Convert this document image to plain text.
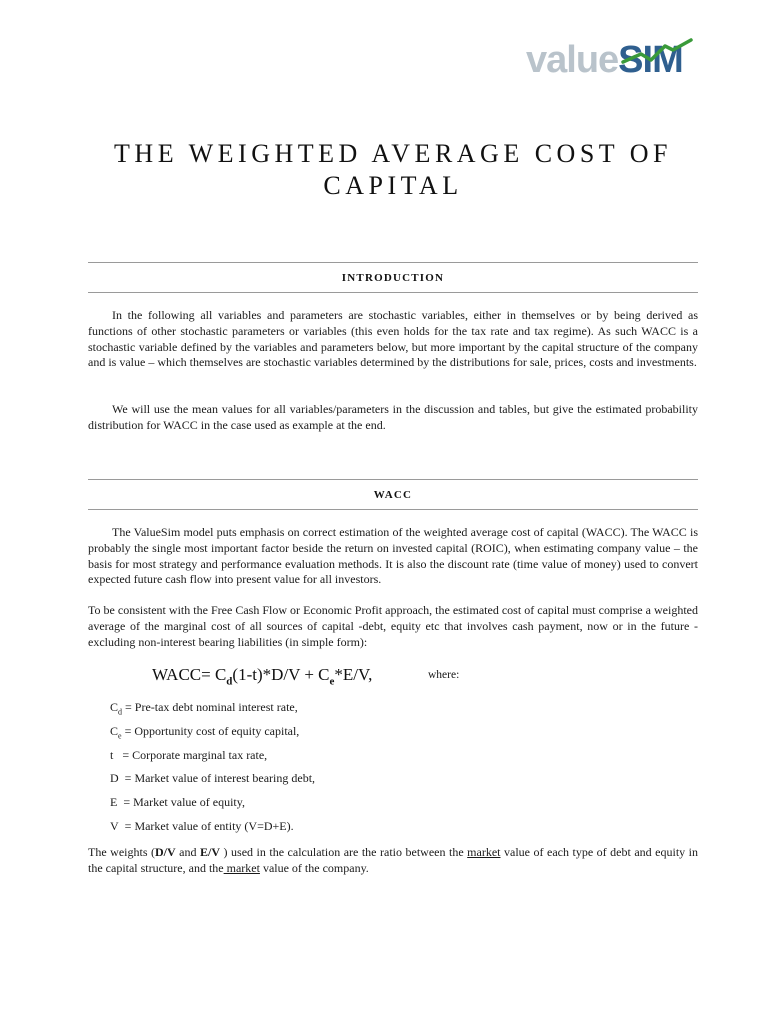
valueSIM
THE WEIGHTED AVERAGE COST OF CAPITAL
INTRODUCTION

In the following all variables and parameters are stochastic variables, either in themselves or by being derived as functions of other stochastic parameters or variables (this even holds for the tax rate and tax regime). As such WACC is a stochastic variable defined by the variables and parameters below, but more important by the capital structure of the company and is value – which themselves are stochastic variables determined by the distributions for sale, prices, costs and investments.

We will use the mean values for all variables/parameters in the discussion and tables, but give the estimated probability distribution for WACC in the case used as example at the end.

WACC

The ValueSim model puts emphasis on correct estimation of the weighted average cost of capital (WACC). The WACC is probably the single most important factor beside the return on invested capital (ROIC), when estimating company value – the basis for most strategy and performance evaluation methods. It is also the discount rate (time value of money) used to convert expected future cash flow into present value for all investors.

To be consistent with the Free Cash Flow or Economic Profit approach, the estimated cost of capital must comprise a weighted average of the marginal cost of all sources of capital -debt, equity etc that involves cash payment, now or in the future - excluding non-interest bearing liabilities (in simple form):

WACC= $C_d(1-t)*D/V + C_e*E/V$,	where:
$C_d = Pre-tax$ debt nominal interest rate,
$C_e$ = Opportunity cost of equity capital,
t   = Corporate marginal tax rate,
D  = Market value of interest bearing debt,
E  = Market value of equity,
V  = Market value of entity (V=D+E).

The weights (D/V and E/V ) used in the calculation are the ratio between the market value of each type of debt and equity in the capital structure, and the market value of the company.
